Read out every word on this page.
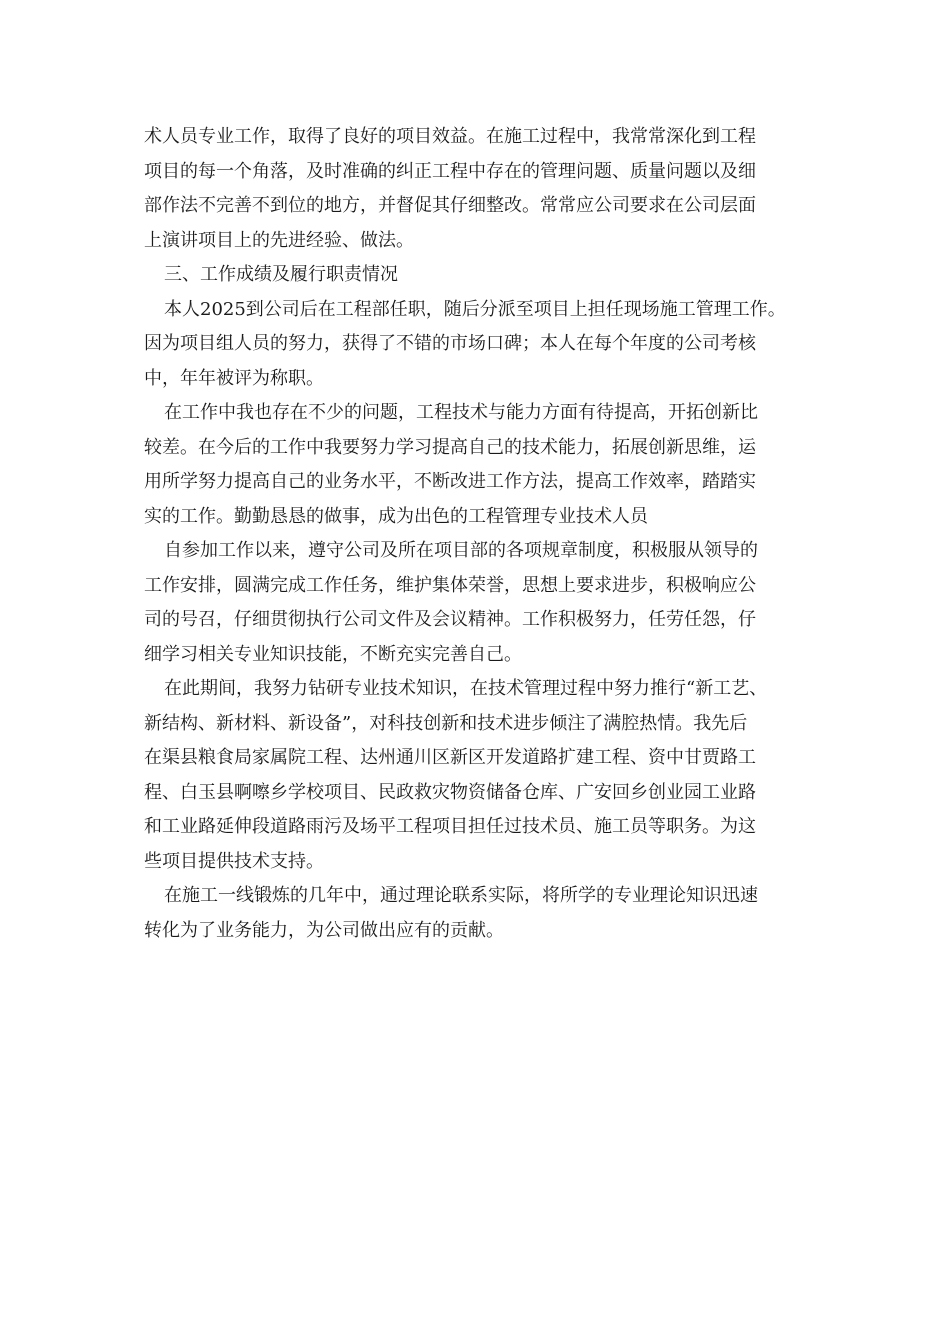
术人员专业工作，取得了良好的项目效益。在施工过程中，我常常深化到工程
项目的每一个角落，及时准确的纠正工程中存在的管理问题、质量问题以及细
部作法不完善不到位的地方，并督促其仔细整改。常常应公司要求在公司层面
上演讲项目上的先进经验、做法。
三、工作成绩及履行职责情况
本人2025到公司后在工程部任职，随后分派至项目上担任现场施工管理工作。
因为项目组人员的努力，获得了不错的市场口碑；本人在每个年度的公司考核
中，年年被评为称职。
在工作中我也存在不少的问题，工程技术与能力方面有待提高，开拓创新比
较差。在今后的工作中我要努力学习提高自己的技术能力，拓展创新思维，运
用所学努力提高自己的业务水平，不断改进工作方法，提高工作效率，踏踏实
实的工作。勤勤恳恳的做事，成为出色的工程管理专业技术人员
自参加工作以来，遵守公司及所在项目部的各项规章制度，积极服从领导的
工作安排，圆满完成工作任务，维护集体荣誉，思想上要求进步，积极响应公
司的号召，仔细贯彻执行公司文件及会议精神。工作积极努力，任劳任怨，仔
细学习相关专业知识技能，不断充实完善自己。
在此期间，我努力钻研专业技术知识，在技术管理过程中努力推行“新工艺、
新结构、新材料、新设备”，对科技创新和技术进步倾注了满腔热情。我先后
在渠县粮食局家属院工程、达州通川区新区开发道路扩建工程、资中甘贾路工
程、白玉县啊嚓乡学校项目、民政救灾物资储备仓库、广安回乡创业园工业路
和工业路延伸段道路雨污及场平工程项目担任过技术员、施工员等职务。为这
些项目提供技术支持。
在施工一线锻炼的几年中，通过理论联系实际，将所学的专业理论知识迅速
转化为了业务能力，为公司做出应有的贡献。
